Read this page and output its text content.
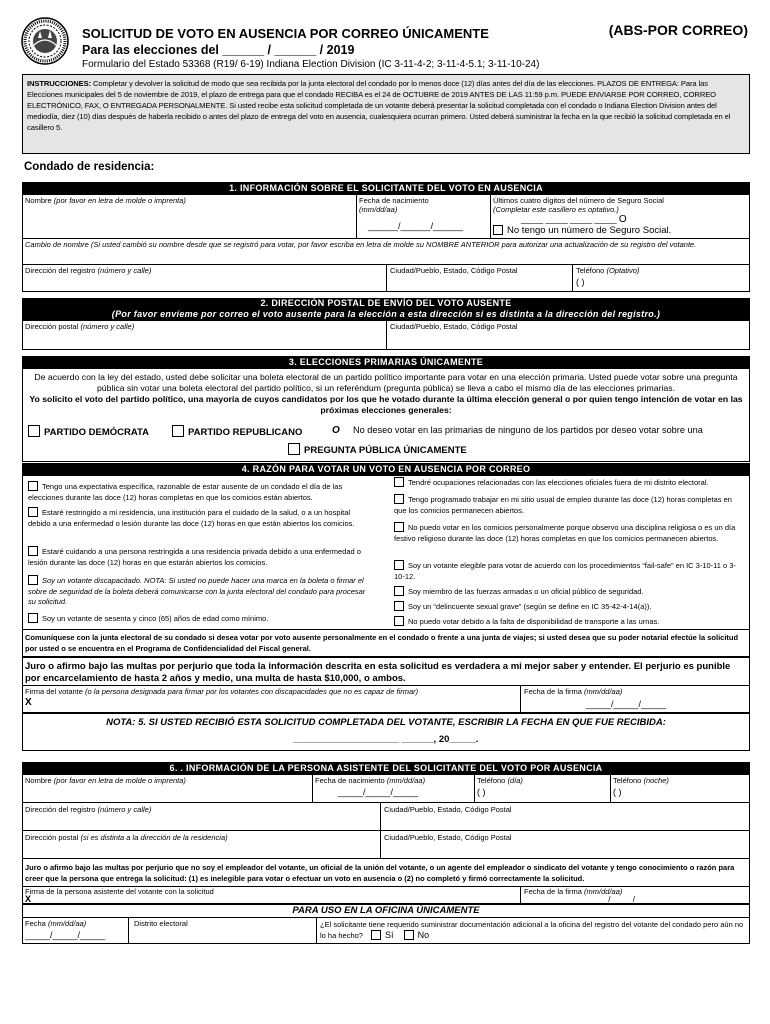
SOLICITUD DE VOTO EN AUSENCIA POR CORREO ÚNICAMENTE	(ABS-POR CORREO)
Para las elecciones del ______ / ______ / 2019
Formulario del Estado 53368 (R19/ 6-19) Indiana Election Division (IC 3-11-4-2; 3-11-4-5.1; 3-11-10-24)
INSTRUCCIONES: Completar y devolver la solicitud de modo que sea recibida por la junta electoral del condado por lo menos doce (12) días antes del día de las elecciones. PLAZOS DE ENTREGA: Para las Elecciones municipales del 5 de noviembre de 2019, el plazo de entrega para que el condado RECIBA es el 24 de OCTUBRE de 2019 ANTES DE LAS 11:59 p.m. PUEDE ENVIARSE POR CORREO, CORREO ELECTRÓNICO, FAX, O ENTREGADA PERSONALMENTE. Si usted recibe esta solicitud completada de un votante deberá presentar la solicitud completada con el condado o Indiana Election Division antes del mediodía, diez (10) días después de haberla recibido o antes del plazo de entrega del voto en ausencia, cualesquiera ocurran primero. Usted deberá suministrar la fecha en la que recibió la solicitud completada en el casillero 5.
Condado de residencia:
1. INFORMACIÓN SOBRE EL SOLICITANTE DEL VOTO EN AUSENCIA
Nombre (por favor en letra de molde o imprenta)	Fecha de nacimiento
(mm/dd/aa)
______/______/______
Últimos cuatro dígitos del número de Seguro Social
(Completar este casillero es optativo.)
_____ _____ _____ _____ O
No tengo un número de Seguro Social.
Cambio de nombre (Si usted cambió su nombre desde que se registró para votar, por favor escriba en letra de molde su NOMBRE ANTERIOR para autorizar una actualización de su registro del votante.
Dirección del registro (número y calle)	Ciudad/Pueblo, Estado, Código Postal	Teléfono (Optativo)
( )
2. DIRECCIÓN POSTAL DE ENVÍO DEL VOTO AUSENTE
(Por favor envíeme por correo el voto ausente para la elección a esta dirección si es distinta a la dirección del registro.)
Dirección postal (número y calle)	Ciudad/Pueblo, Estado, Código Postal
3. ELECCIONES PRIMARIAS ÚNICAMENTE
De acuerdo con la ley del estado, usted debe solicitar una boleta electoral de un partido político importante para votar en una elección primaria. Usted puede votar sobre una pregunta pública sin votar una boleta electoral del partido político, si un referéndum (pregunta pública) se lleva a cabo el mismo día de las elecciones primarias.
Yo solicito el voto del partido político, una mayoría de cuyos candidatos por los que he votado durante la última elección general o por quien tengo intención de votar en las próximas elecciones generales:
PARTIDO DEMÓCRATA	PARTIDO REPUBLICANO	O No deseo votar en las primarias de ninguno de los partidos por deseo votar sobre una
PREGUNTA PÚBLICA ÚNICAMENTE
4. RAZÓN PARA VOTAR UN VOTO EN AUSENCIA POR CORREO
Tengo una expectativa específica, razonable de estar ausente de un condado el día de las elecciones durante las doce (12) horas completas en que los comicios están abiertos.
Estaré restringido a mi residencia, una institución para el cuidado de la salud, o a un hospital debido a una enfermedad o lesión durante las doce (12) horas en que están abiertos los comicios.
Estaré cuidando a una persona restringida a una residencia privada debido a una enfermedad o lesión durante las doce (12) horas en que estarán abiertos los comicios.
Soy un votante discapacitado. NOTA: Si usted no puede hacer una marca en la boleta o firmar el sobre de seguridad de la boleta deberá comunicarse con la junta electoral del condado para procesar su solicitud.
Soy un votante de sesenta y cinco (65) años de edad como mínimo.
Tendré ocupaciones relacionadas con las elecciones oficiales fuera de mi distrito electoral.
Tengo programado trabajar en mi sitio usual de empleo durante las doce (12) horas completas en que los comicios permanecen abiertos.
No puedo votar en los comicios personalmente porque observo una disciplina religiosa o es un día festivo religioso durante las doce (12) horas completas en que los comicios permanecen abiertos.
Soy un votante elegible para votar de acuerdo con los procedimientos “fail-safe” en IC 3-10-11 o 3-10-12.
Soy miembro de las fuerzas armadas o un oficial público de seguridad.
Soy un “delincuente sexual grave” (según se define en IC 35-42-4-14(a)).
No puedo votar debido a la falta de disponibilidad de transporte a las urnas.
Comuníquese con la junta electoral de su condado si desea votar por voto ausente personalmente en el condado o frente a una junta de viajes; si usted desea que su poder notarial efectúe la solicitud por usted o se encuentra en el Programa de Confidencialidad del Fiscal general.
Juro o afirmo bajo las multas por perjurio que toda la información descrita en esta solicitud es verdadera a mi mejor saber y entender. El perjurio es punible por encarcelamiento de hasta 2 años y medio, una multa de hasta $10,000, o ambos.
Firma del votante (o la persona designada para firmar por los votantes con discapacidades que no es capaz de firmar)
X
Fecha de la firma (mm/dd/aa)
_____/_____/_____
NOTA: 5. SI USTED RECIBIÓ ESTA SOLICITUD COMPLETADA DEL VOTANTE, ESCRIBIR LA FECHA EN QUE FUE RECIBIDA:
____________________ ______, 20_____.
6. . INFORMACIÓN DE LA PERSONA ASISTENTE DEL SOLICITANTE DEL VOTO POR AUSENCIA
Nombre (por favor en letra de molde o imprenta)	Fecha de nacimiento (mm/dd/aa)
_____/_____/_____
Teléfono (día)
( )
Teléfono (noche)
( )
Dirección del registro (número y calle)	Ciudad/Pueblo, Estado, Código Postal
Dirección postal (si es distinta a la dirección de la residencia)	Ciudad/Pueblo, Estado, Código Postal
Juro o afirmo bajo las multas por perjurio que no soy el empleador del votante, un oficial de la unión del votante, o un agente del empleador o sindicato del votante y tengo conocimiento o razón para creer que la persona que entrega la solicitud: (1) es inelegible para votar o efectuar un voto en ausencia o (2) no completó y firmó correctamente la solicitud.
Firma de la persona asistente del votante con la solicitud
X
Fecha de la firma (mm/dd/aa)
_____/_____/_____
PARA USO EN LA OFICINA ÚNICAMENTE
Fecha (mm/dd/aa)
_____/_____/_____
Distrito electoral	¿El solicitante tiene requerido suministrar documentación adicional a la oficina del registro del votante del condado pero aún no lo ha hecho? Sí	No
